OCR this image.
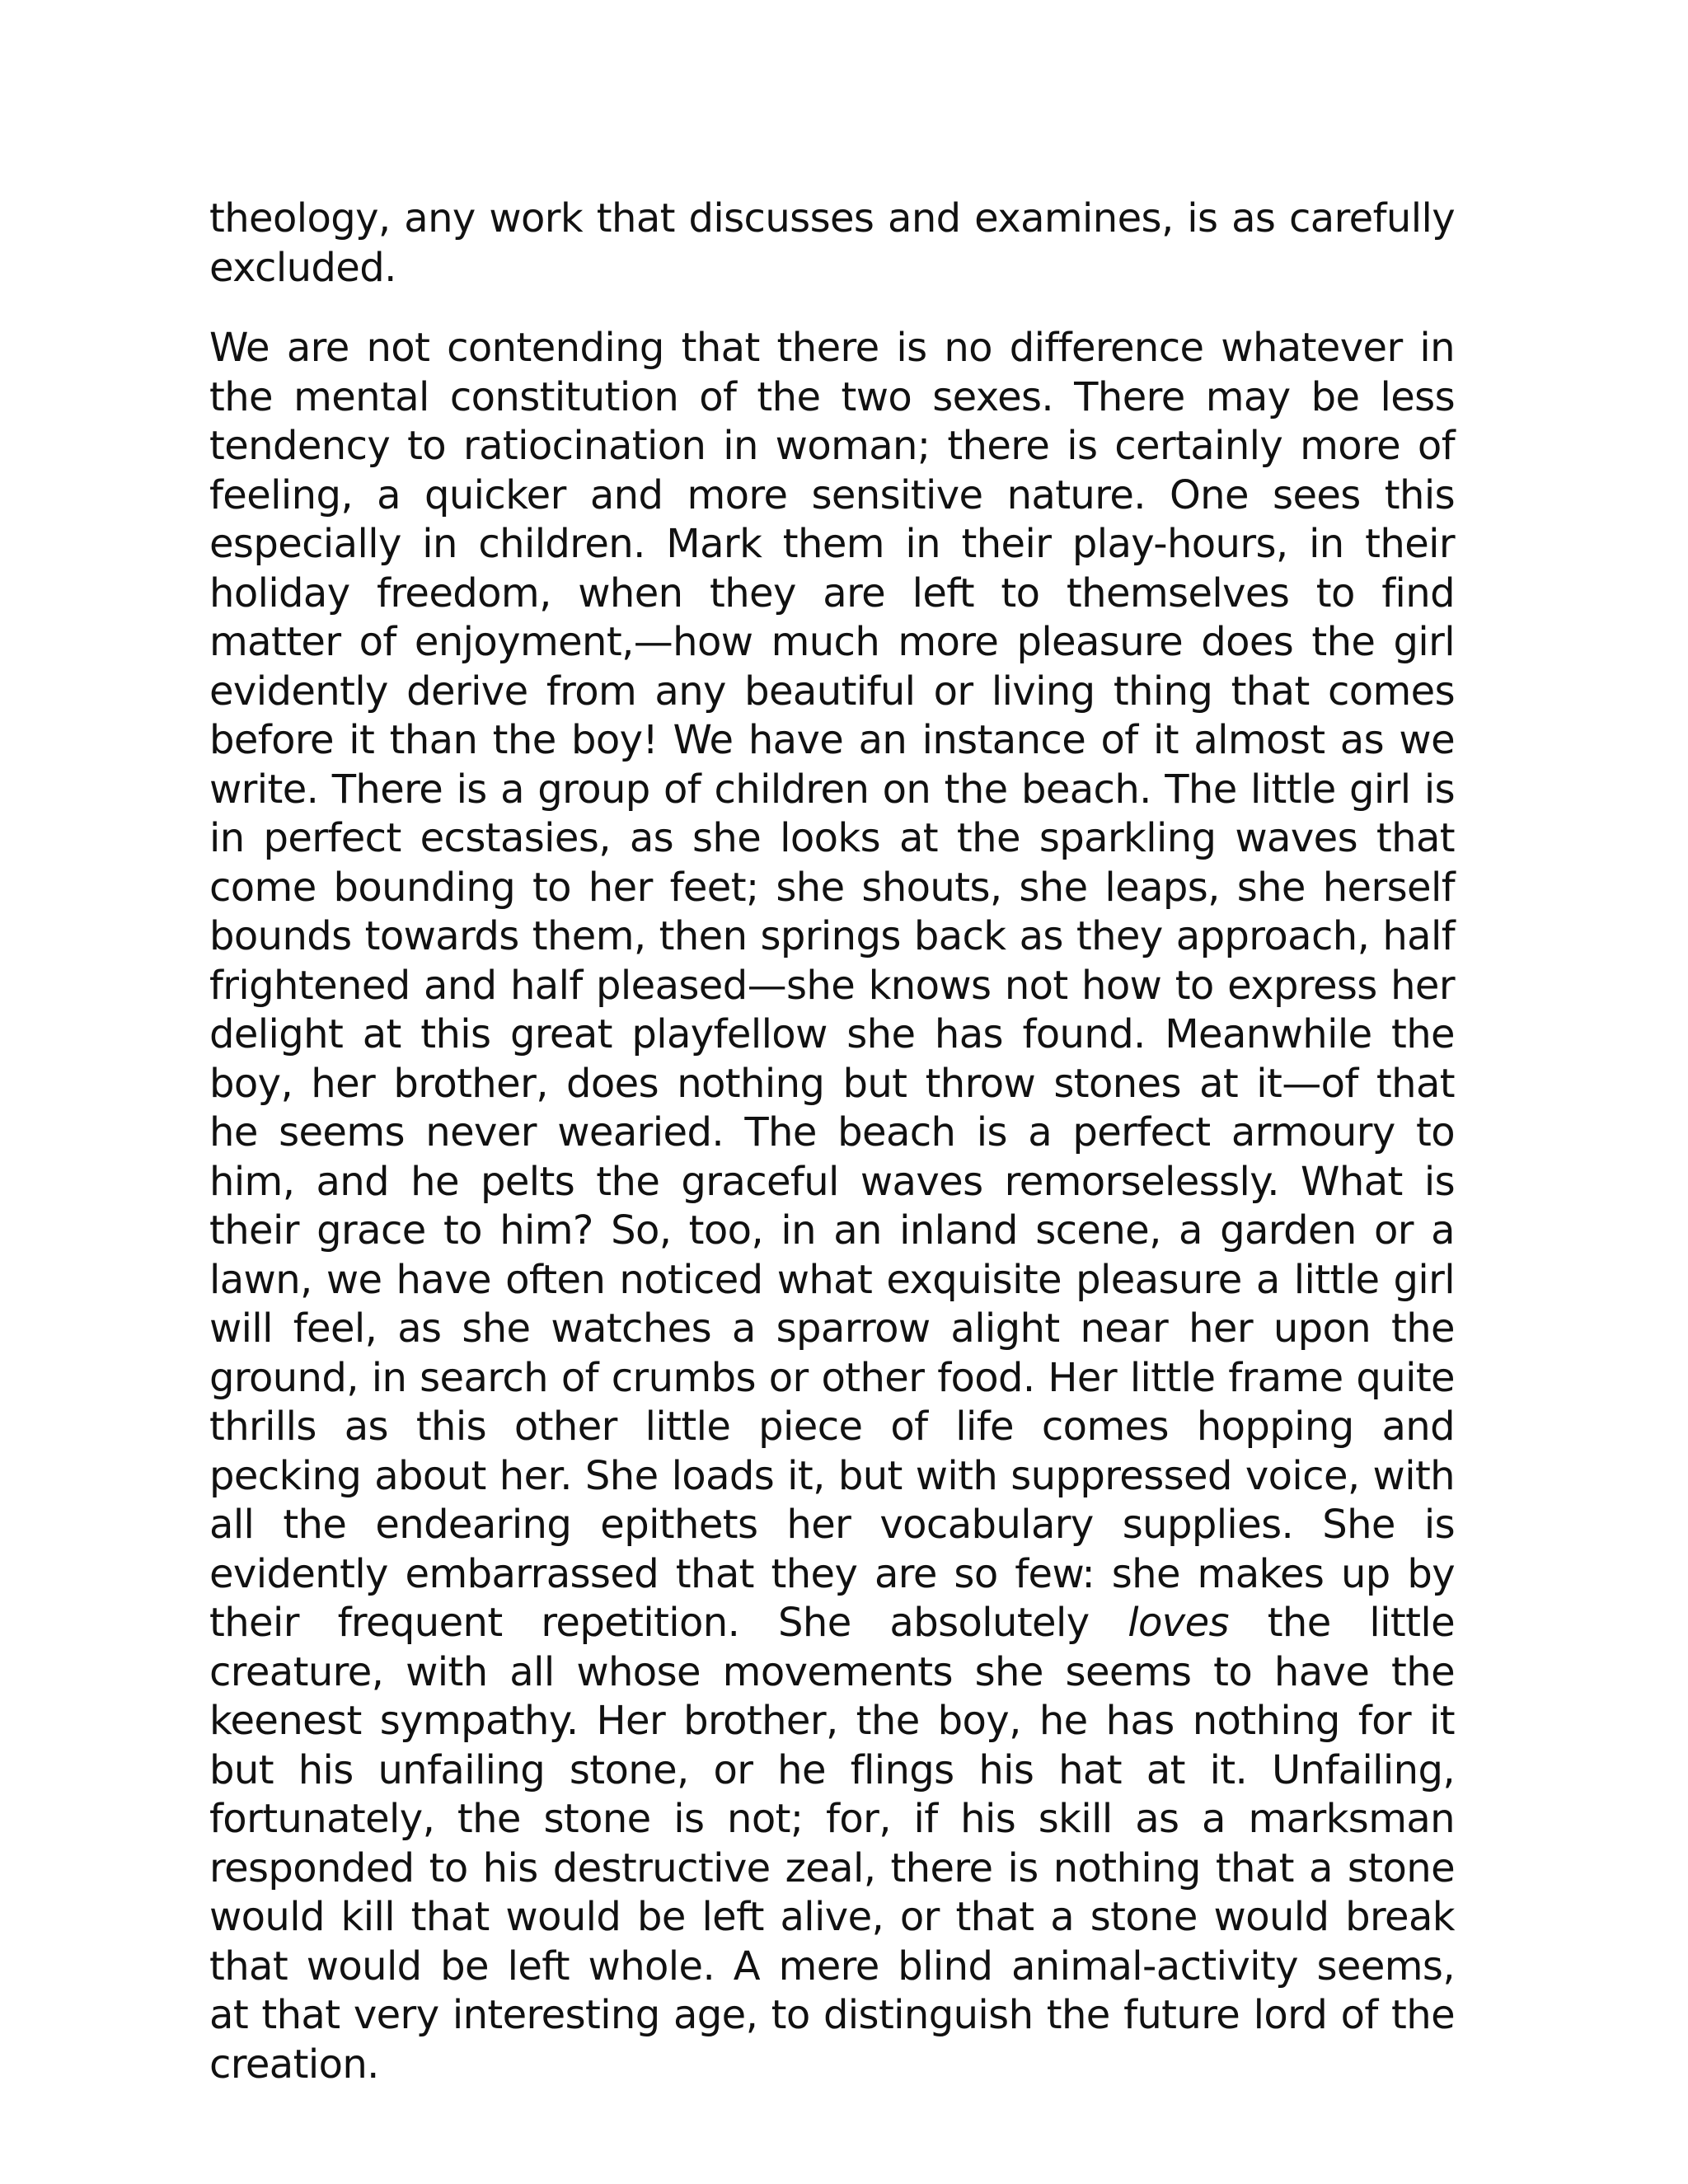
theology, any work that discusses and examines, is as carefully excluded.

We are not contending that there is no difference whatever in the mental constitution of the two sexes. There may be less tendency to ratiocination in woman; there is certainly more of feeling, a quicker and more sensitive nature. One sees this especially in children. Mark them in their play-hours, in their holiday freedom, when they are left to themselves to find matter of enjoyment,—how much more pleasure does the girl evidently derive from any beautiful or living thing that comes before it than the boy! We have an instance of it almost as we write. There is a group of children on the beach. The little girl is in perfect ecstasies, as she looks at the sparkling waves that come bounding to her feet; she shouts, she leaps, she herself bounds towards them, then springs back as they approach, half frightened and half pleased—she knows not how to express her delight at this great playfellow she has found. Meanwhile the boy, her brother, does nothing but throw stones at it—of that he seems never wearied. The beach is a perfect armoury to him, and he pelts the graceful waves remorselessly. What is their grace to him? So, too, in an inland scene, a garden or a lawn, we have often noticed what exquisite pleasure a little girl will feel, as she watches a sparrow alight near her upon the ground, in search of crumbs or other food. Her little frame quite thrills as this other little piece of life comes hopping and pecking about her. She loads it, but with suppressed voice, with all the endearing epithets her vocabulary supplies. She is evidently embarrassed that they are so few: she makes up by their frequent repetition. She absolutely loves the little creature, with all whose movements she seems to have the keenest sympathy. Her brother, the boy, he has nothing for it but his unfailing stone, or he flings his hat at it. Unfailing, fortunately, the stone is not; for, if his skill as a marksman responded to his destructive zeal, there is nothing that a stone would kill that would be left alive, or that a stone would break that would be left whole. A mere blind animal-activity seems, at that very interesting age, to distinguish the future lord of the creation.
